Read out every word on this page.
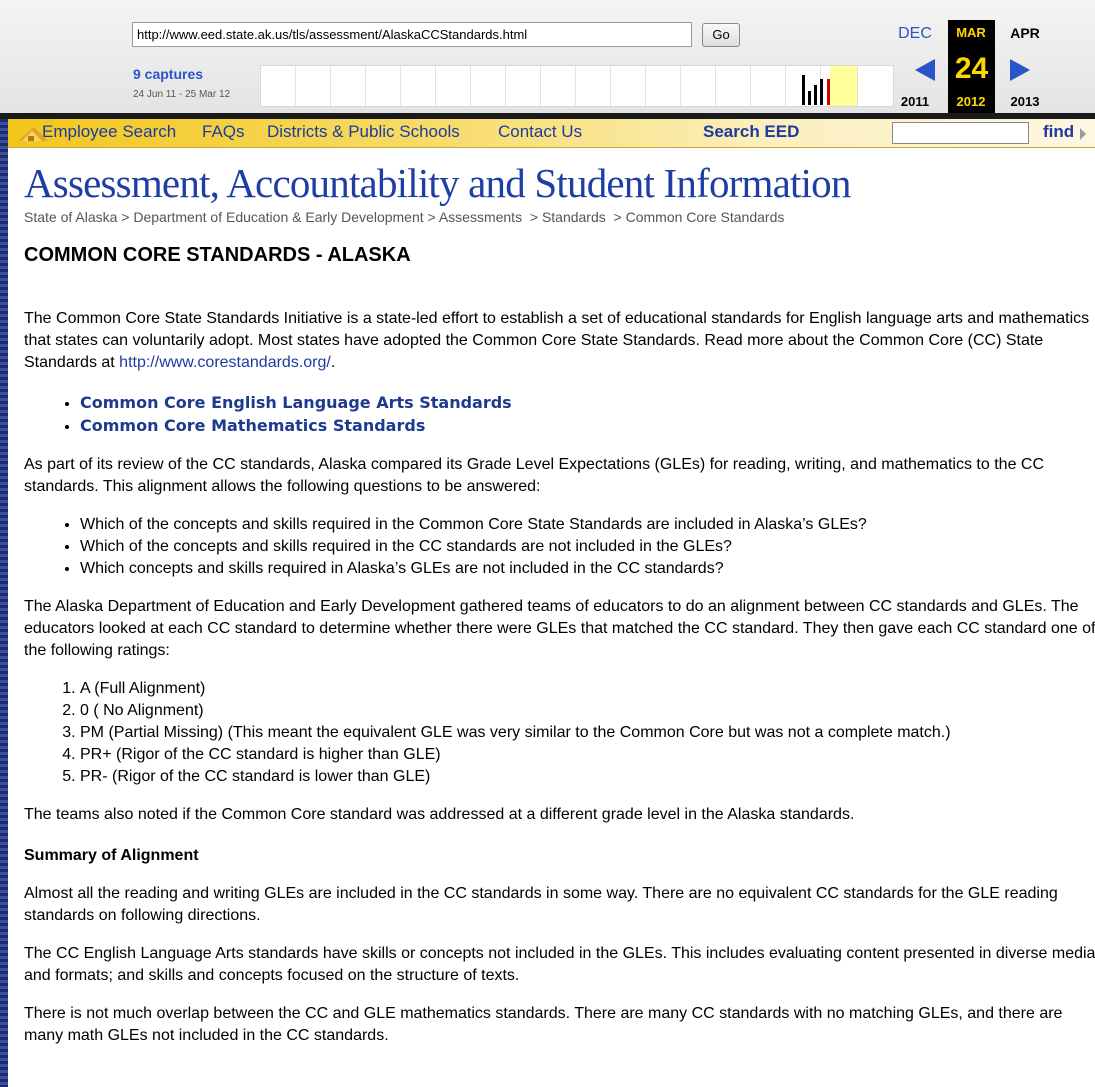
http://www.eed.state.ak.us/tls/assessment/AlaskaCCStandards.html
Go
9 captures
24 Jun 11 - 25 Mar 12
DEC
2011
MAR
24
2012
APR
2013
Employee Search FAQs Districts & Public Schools Contact Us	Search EED	find
Assessment, Accountability and Student Information
State of Alaska > Department of Education & Early Development > Assessments  > Standards  > Common Core Standards
COMMON CORE STANDARDS - ALASKA

The Common Core State Standards Initiative is a state-led effort to establish a set of educational standards for English language arts and mathematics that states can voluntarily adopt. Most states have adopted the Common Core State Standards. Read more about the Common Core (CC) State Standards at http://www.corestandards.org/.

• Common Core English Language Arts Standards
• Common Core Mathematics Standards

As part of its review of the CC standards, Alaska compared its Grade Level Expectations (GLEs) for reading, writing, and mathematics to the CC standards. This alignment allows the following questions to be answered:

• Which of the concepts and skills required in the Common Core State Standards are included in Alaska’s GLEs?
• Which of the concepts and skills required in the CC standards are not included in the GLEs?
• Which concepts and skills required in Alaska’s GLEs are not included in the CC standards?

The Alaska Department of Education and Early Development gathered teams of educators to do an alignment between CC standards and GLEs. The educators looked at each CC standard to determine whether there were GLEs that matched the CC standard. They then gave each CC standard one of the following ratings:

1. A (Full Alignment)
2. 0 ( No Alignment)
3. PM (Partial Missing) (This meant the equivalent GLE was very similar to the Common Core but was not a complete match.)
4. PR+ (Rigor of the CC standard is higher than GLE)
5. PR- (Rigor of the CC standard is lower than GLE)

The teams also noted if the Common Core standard was addressed at a different grade level in the Alaska standards.

Summary of Alignment

Almost all the reading and writing GLEs are included in the CC standards in some way. There are no equivalent CC standards for the GLE reading standards on following directions.

The CC English Language Arts standards have skills or concepts not included in the GLEs. This includes evaluating content presented in diverse media and formats; and skills and concepts focused on the structure of texts.

There is not much overlap between the CC and GLE mathematics standards. There are many CC standards with no matching GLEs, and there are many math GLEs not included in the CC standards.
